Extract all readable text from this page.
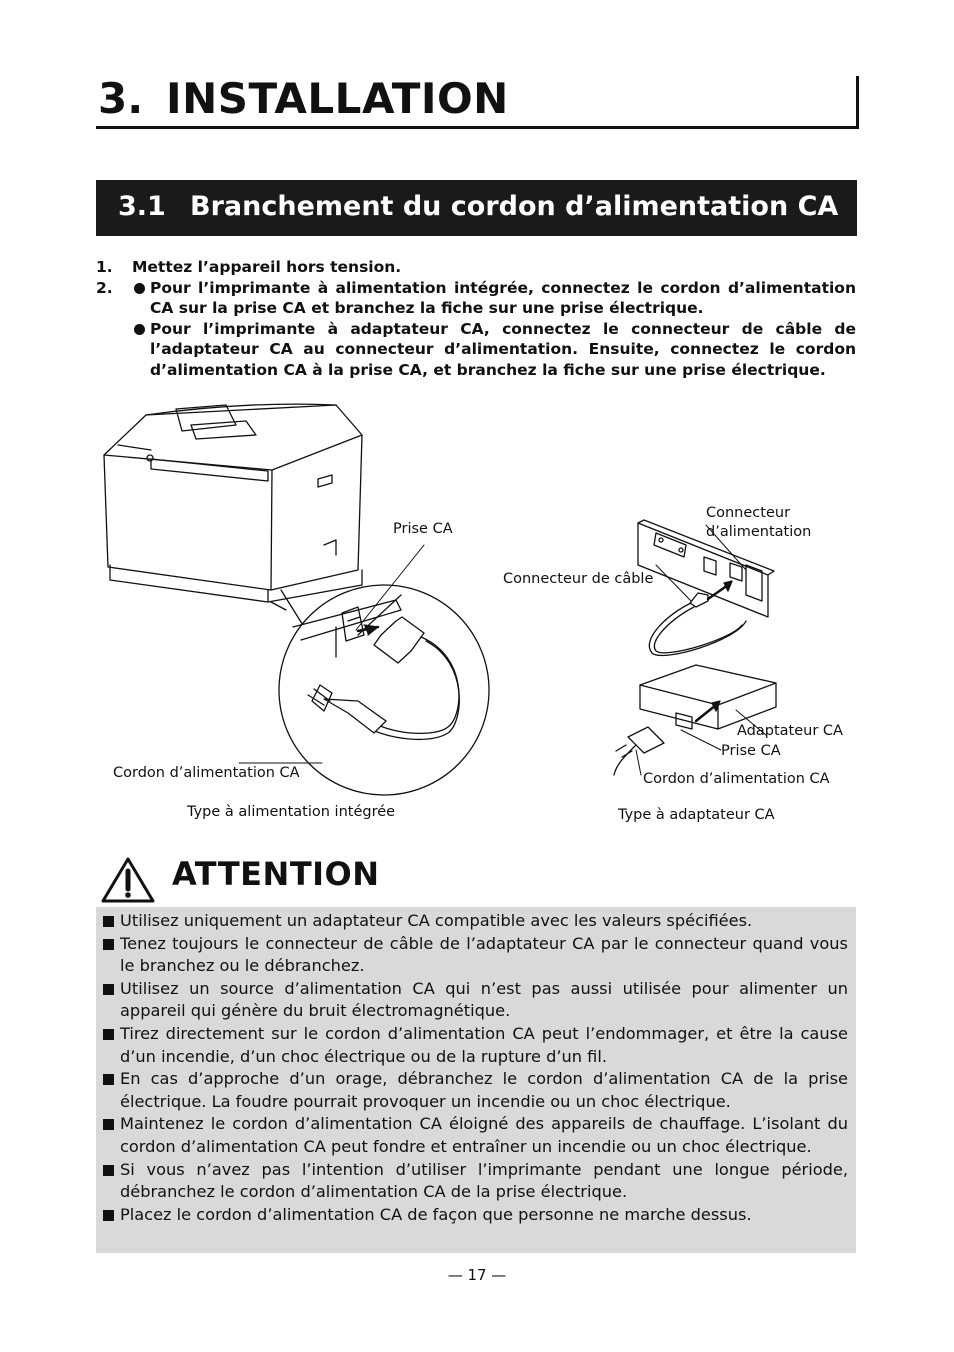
3. INSTALLATION
3.1 Branchement du cordon d’alimentation CA
1. Mettez l’appareil hors tension.
2.	Pour l’imprimante à alimentation intégrée, connectez le cordon d’alimentation CA sur la prise CA et branchez la fiche sur une prise électrique.
Pour l’imprimante à adaptateur CA, connectez le connecteur de câble de l’adaptateur CA au connecteur d’alimentation. Ensuite, connectez le cordon d’alimentation CA à la prise CA, et branchez la fiche sur une prise électrique.
Prise CA
Cordon d’alimentation CA
Type à alimentation intégrée
Connecteur
d’alimentation
Connecteur de câble
Adaptateur CA
Prise CA
Cordon d’alimentation CA
Type à adaptateur CA
ATTENTION
Utilisez uniquement un adaptateur CA compatible avec les valeurs spécifiées.
Tenez toujours le connecteur de câble de l’adaptateur CA par le connecteur quand vous le branchez ou le débranchez.
Utilisez un source d’alimentation CA qui n’est pas aussi utilisée pour alimenter un appareil qui génère du bruit électromagnétique.
Tirez directement sur le cordon d’alimentation CA peut l’endommager, et être la cause d’un incendie, d’un choc électrique ou de la rupture d’un fil.
En cas d’approche d’un orage, débranchez le cordon d’alimentation CA de la prise électrique. La foudre pourrait provoquer un incendie ou un choc électrique.
Maintenez le cordon d’alimentation CA éloigné des appareils de chauffage. L’isolant du cordon d’alimentation CA peut fondre et entraîner un incendie ou un choc électrique.
Si vous n’avez pas l’intention d’utiliser l’imprimante pendant une longue période, débranchez le cordon d’alimentation CA de la prise électrique.
Placez le cordon d’alimentation CA de façon que personne ne marche dessus.
— 17 —
